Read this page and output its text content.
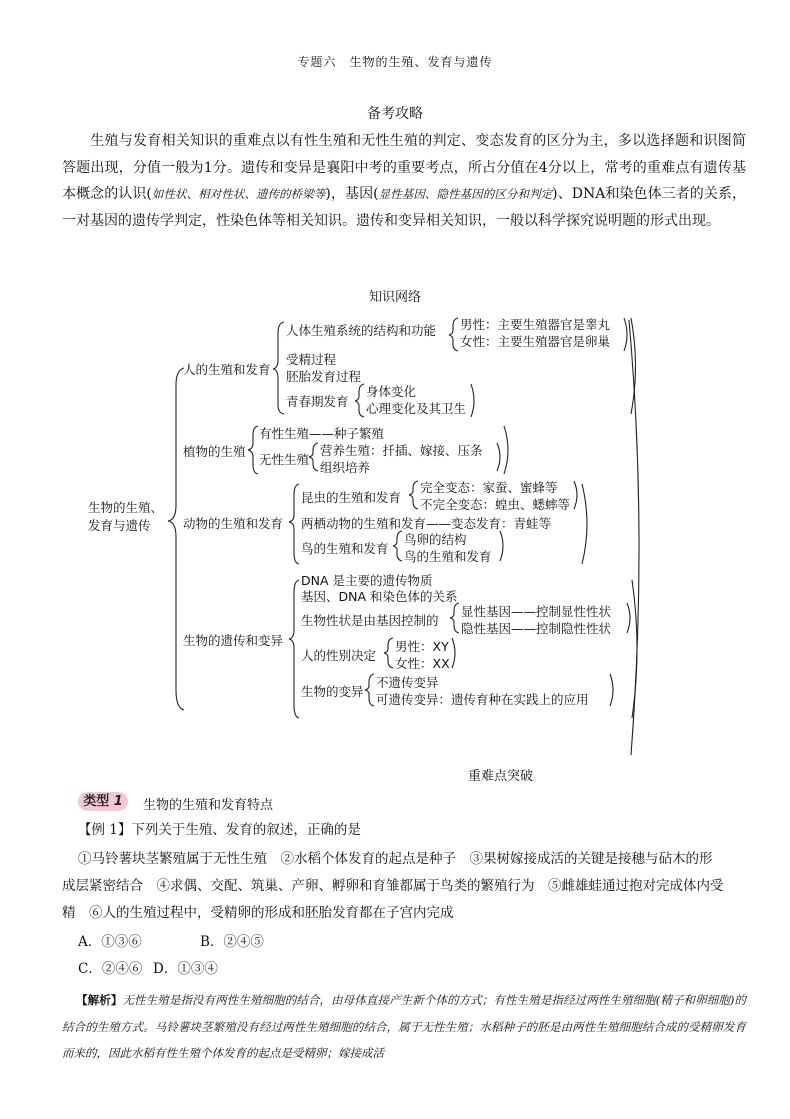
专题六　生物的生殖、发育与遗传
备考攻略
生殖与发育相关知识的重难点以有性生殖和无性生殖的判定、变态发育的区分为主，多以选择题和识图简答题出现，分值一般为1分。遗传和变异是襄阳中考的重要考点，所占分值在4分以上，常考的重难点有遗传基本概念的认识(如性状、相对性状、遗传的桥梁等)，基因(显性基因、隐性基因的区分和判定)、DNA和染色体三者的关系，一对基因的遗传学判定，性染色体等相关知识。遗传和变异相关知识，一般以科学探究说明题的形式出现。
知识网络
生物的生殖、发育与遗传
人的生殖和发育
人体生殖系统的结构和功能 男性：主要生殖器官是睾丸
女性：主要生殖器官是卵巢
受精过程
胚胎发育过程
青春期发育
身体变化
心理变化及其卫生
植物的生殖
有性生殖——种子繁殖
无性生殖
营养生殖：扦插、嫁接、压条
组织培养
动物的生殖和发育
昆虫的生殖和发育
完全变态：家蚕、蜜蜂等
不完全变态：蝗虫、蟋蟀等
两栖动物的生殖和发育——变态发育：青蛙等
鸟的生殖和发育
鸟卵的结构
鸟的生殖和发育
生物的遗传和变异
DNA 是主要的遗传物质
基因、DNA 和染色体的关系
生物性状是由基因控制的
显性基因——控制显性性状
隐性基因——控制隐性性状
人的性别决定
男性：XY
女性：XX
生物的变异
不遗传变异
可遗传变异：遗传育种在实践上的应用
重难点突破
类型 1	生物的生殖和发育特点
【例 1】下列关于生殖、发育的叙述，正确的是
①马铃薯块茎繁殖属于无性生殖　②水稻个体发育的起点是种子　③果树嫁接成活的关键是接穗与砧木的形
成层紧密结合　④求偶、交配、筑巢、产卵、孵卵和育雏都属于鸟类的繁殖行为　⑤雌雄蛙通过抱对完成体内受
精　⑥人的生殖过程中，受精卵的形成和胚胎发育都在子宫内完成
A．①③⑥	B．②④⑤
C．②④⑥ D．①③④
【解析】无性生殖是指没有两性生殖细胞的结合，由母体直接产生新个体的方式；有性生殖是指经过两性生殖细胞(精子和卵细胞)的结合的生殖方式。马铃薯块茎繁殖没有经过两性生殖细胞的结合，属于无性生殖；水稻种子的胚是由两性生殖细胞结合成的受精卵发育而来的，因此水稻有性生殖个体发育的起点是受精卵；嫁接成活
